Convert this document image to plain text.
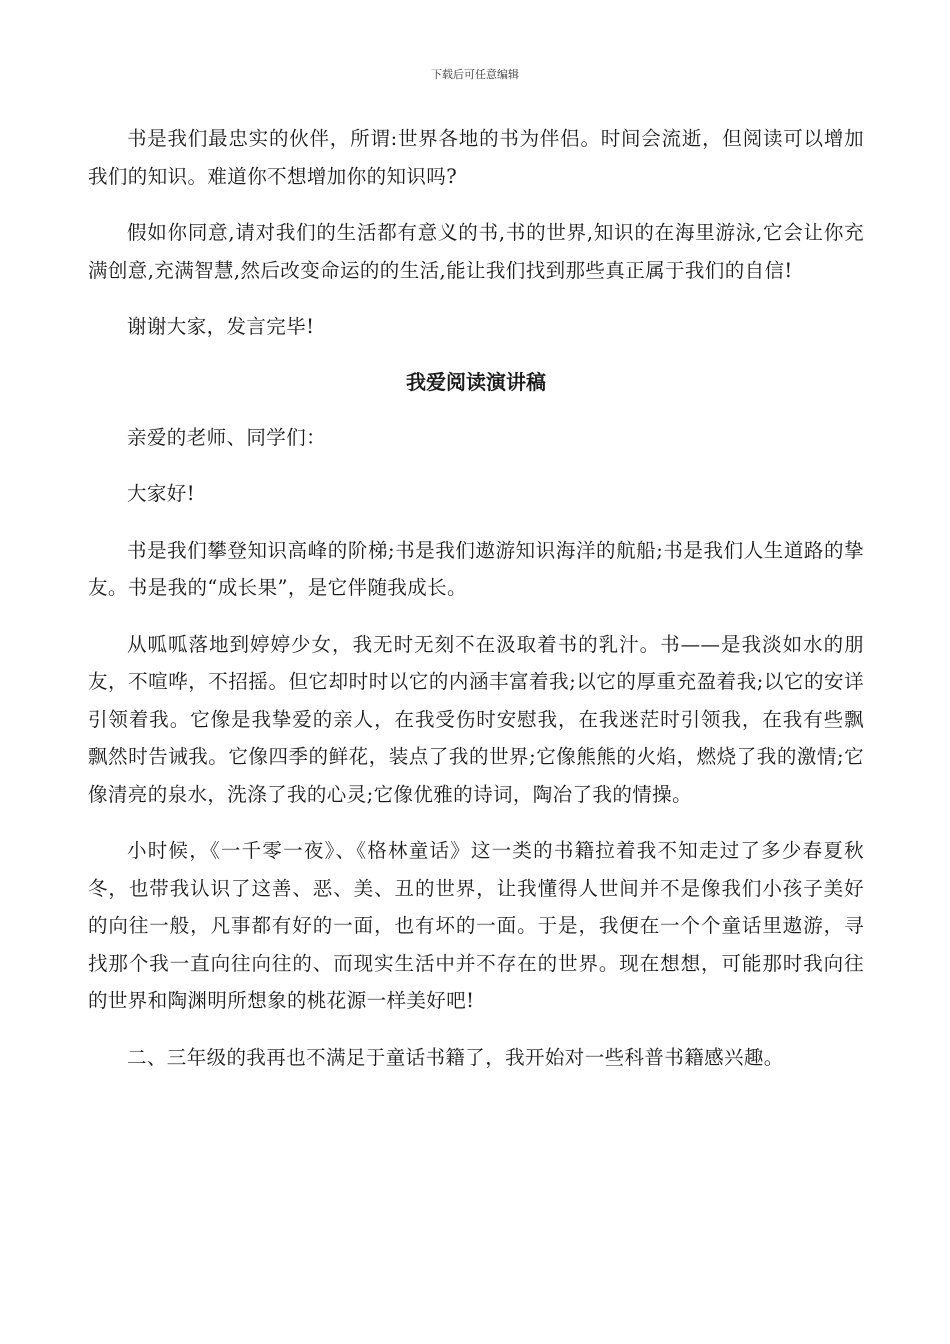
下载后可任意编辑

书是我们最忠实的伙伴，所谓:世界各地的书为伴侣。时间会流逝，但阅读可以增加我们的知识。难道你不想增加你的知识吗?

假如你同意,请对我们的生活都有意义的书,书的世界,知识的在海里游泳,它会让你充满创意,充满智慧,然后改变命运的的生活,能让我们找到那些真正属于我们的自信!

谢谢大家，发言完毕!

我爱阅读演讲稿

亲爱的老师、同学们：

大家好!

书是我们攀登知识高峰的阶梯;书是我们遨游知识海洋的航船;书是我们人生道路的挚友。书是我的“成长果”，是它伴随我成长。

从呱呱落地到婷婷少女，我无时无刻不在汲取着书的乳汁。书——是我淡如水的朋友，不喧哗，不招摇。但它却时时以它的内涵丰富着我;以它的厚重充盈着我;以它的安详引领着我。它像是我挚爱的亲人，在我受伤时安慰我，在我迷茫时引领我，在我有些飘飘然时告诫我。它像四季的鲜花，装点了我的世界;它像熊熊的火焰，燃烧了我的激情;它像清亮的泉水，洗涤了我的心灵;它像优雅的诗词，陶冶了我的情操。

小时候，《一千零一夜》、《格林童话》这一类的书籍拉着我不知走过了多少春夏秋冬，也带我认识了这善、恶、美、丑的世界，让我懂得人世间并不是像我们小孩子美好的向往一般，凡事都有好的一面，也有坏的一面。于是，我便在一个个童话里遨游，寻找那个我一直向往向往的、而现实生活中并不存在的世界。现在想想，可能那时我向往的世界和陶渊明所想象的桃花源一样美好吧!

二、三年级的我再也不满足于童话书籍了，我开始对一些科普书籍感兴趣。
